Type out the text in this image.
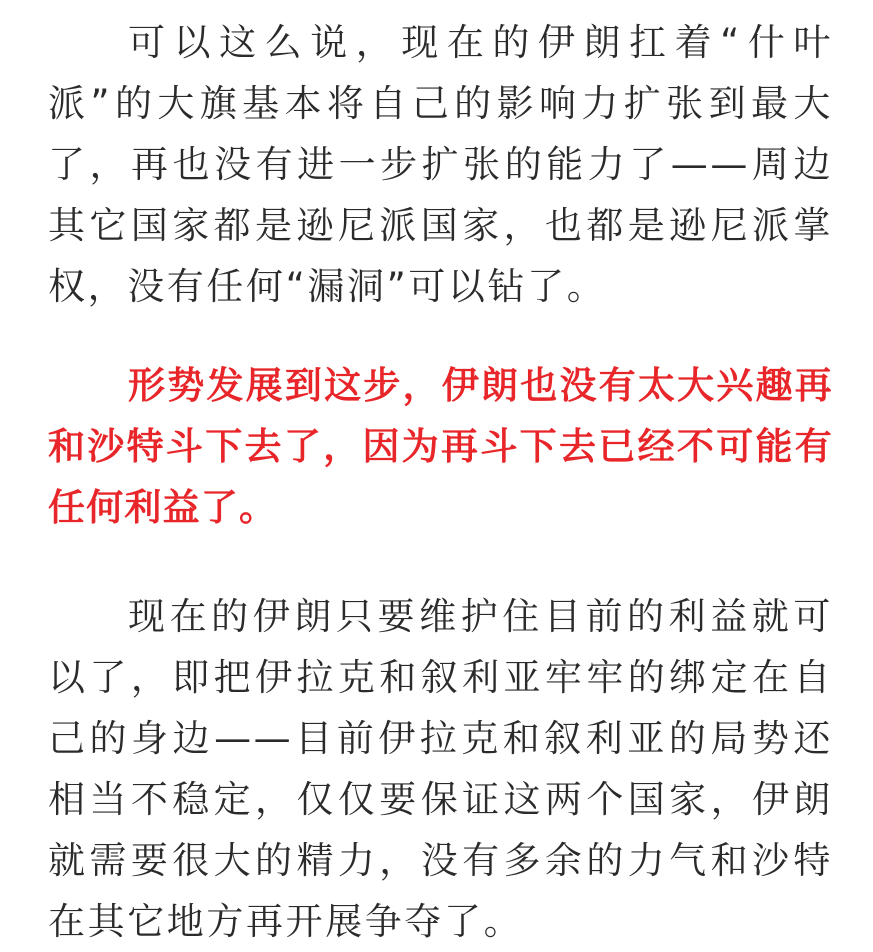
可以这么说，现在的伊朗扛着“什叶派”的大旗基本将自己的影响力扩张到最大了，再也没有进一步扩张的能力了——周边其它国家都是逊尼派国家，也都是逊尼派掌权，没有任何“漏洞”可以钻了。

形势发展到这步，伊朗也没有太大兴趣再和沙特斗下去了，因为再斗下去已经不可能有任何利益了。

现在的伊朗只要维护住目前的利益就可以了，即把伊拉克和叙利亚牢牢的绑定在自己的身边——目前伊拉克和叙利亚的局势还相当不稳定，仅仅要保证这两个国家，伊朗就需要很大的精力，没有多余的力气和沙特在其它地方再开展争夺了。
